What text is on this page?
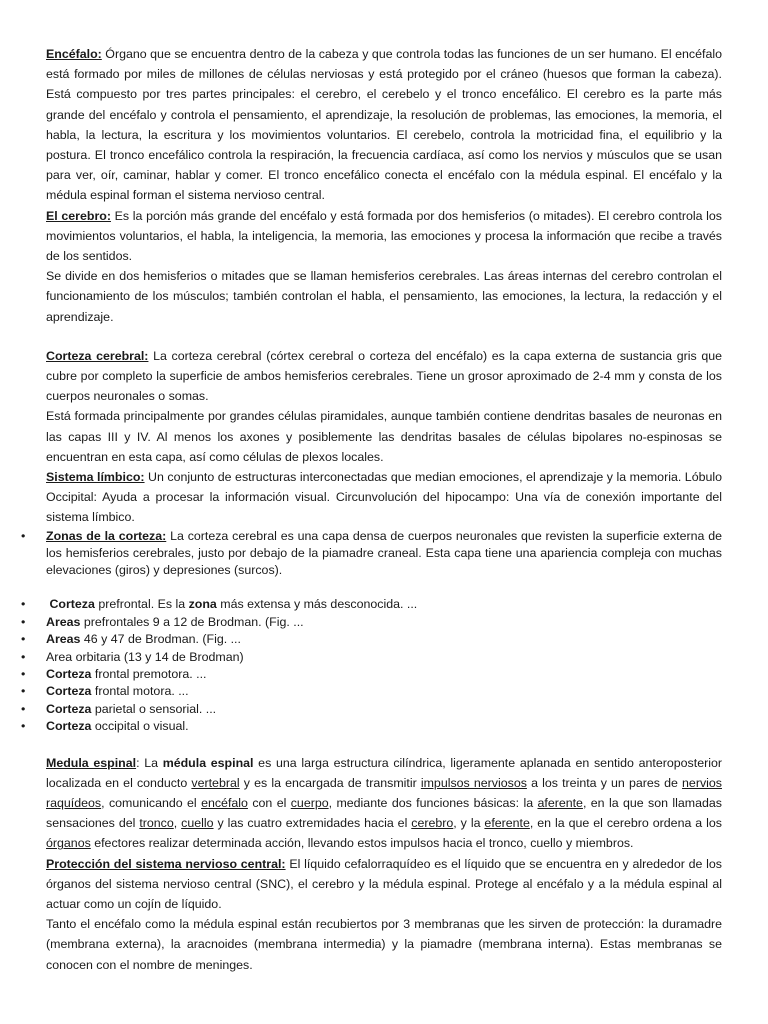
Encéfalo: Órgano que se encuentra dentro de la cabeza y que controla todas las funciones de un ser humano. El encéfalo está formado por miles de millones de células nerviosas y está protegido por el cráneo (huesos que forman la cabeza). Está compuesto por tres partes principales: el cerebro, el cerebelo y el tronco encefálico. El cerebro es la parte más grande del encéfalo y controla el pensamiento, el aprendizaje, la resolución de problemas, las emociones, la memoria, el habla, la lectura, la escritura y los movimientos voluntarios. El cerebelo, controla la motricidad fina, el equilibrio y la postura. El tronco encefálico controla la respiración, la frecuencia cardíaca, así como los nervios y músculos que se usan para ver, oír, caminar, hablar y comer. El tronco encefálico conecta el encéfalo con la médula espinal. El encéfalo y la médula espinal forman el sistema nervioso central.

El cerebro: Es la porción más grande del encéfalo y está formada por dos hemisferios (o mitades). El cerebro controla los movimientos voluntarios, el habla, la inteligencia, la memoria, las emociones y procesa la información que recibe a través de los sentidos.

Se divide en dos hemisferios o mitades que se llaman hemisferios cerebrales. Las áreas internas del cerebro controlan el funcionamiento de los músculos; también controlan el habla, el pensamiento, las emociones, la lectura, la redacción y el aprendizaje.

Corteza cerebral: La corteza cerebral (córtex cerebral o corteza del encéfalo) es la capa externa de sustancia gris que cubre por completo la superficie de ambos hemisferios cerebrales. Tiene un grosor aproximado de 2-4 mm y consta de los cuerpos neuronales o somas.

Está formada principalmente por grandes células piramidales, aunque también contiene dendritas basales de neuronas en las capas III y IV. Al menos los axones y posiblemente las dendritas basales de células bipolares no-espinosas se encuentran en esta capa, así como células de plexos locales.

Sistema límbico: Un conjunto de estructuras interconectadas que median emociones, el aprendizaje y la memoria. Lóbulo Occipital: Ayuda a procesar la información visual. Circunvolución del hipocampo: Una vía de conexión importante del sistema límbico.

• Zonas de la corteza: La corteza cerebral es una capa densa de cuerpos neuronales que revisten la superficie externa de los hemisferios cerebrales, justo por debajo de la piamadre craneal. Esta capa tiene una apariencia compleja con muchas elevaciones (giros) y depresiones (surcos).

• Corteza prefrontal. Es la zona más extensa y más desconocida. ...
• Areas prefrontales 9 a 12 de Brodman. (Fig. ...
• Areas 46 y 47 de Brodman. (Fig. ...
• Area orbitaria (13 y 14 de Brodman)
• Corteza frontal premotora. ...
• Corteza frontal motora. ...
• Corteza parietal o sensorial. ...
• Corteza occipital o visual.

Medula espinal: La médula espinal es una larga estructura cilíndrica, ligeramente aplanada en sentido anteroposterior localizada en el conducto vertebral y es la encargada de transmitir impulsos nerviosos a los treinta y un pares de nervios raquídeos, comunicando el encéfalo con el cuerpo, mediante dos funciones básicas: la aferente, en la que son llamadas sensaciones del tronco, cuello y las cuatro extremidades hacia el cerebro, y la eferente, en la que el cerebro ordena a los órganos efectores realizar determinada acción, llevando estos impulsos hacia el tronco, cuello y miembros.

Protección del sistema nervioso central: El líquido cefalorraquídeo es el líquido que se encuentra en y alrededor de los órganos del sistema nervioso central (SNC), el cerebro y la médula espinal. Protege al encéfalo y a la médula espinal al actuar como un cojín de líquido.

Tanto el encéfalo como la médula espinal están recubiertos por 3 membranas que les sirven de protección: la duramadre (membrana externa), la aracnoides (membrana intermedia) y la piamadre (membrana interna). Estas membranas se conocen con el nombre de meninges.
